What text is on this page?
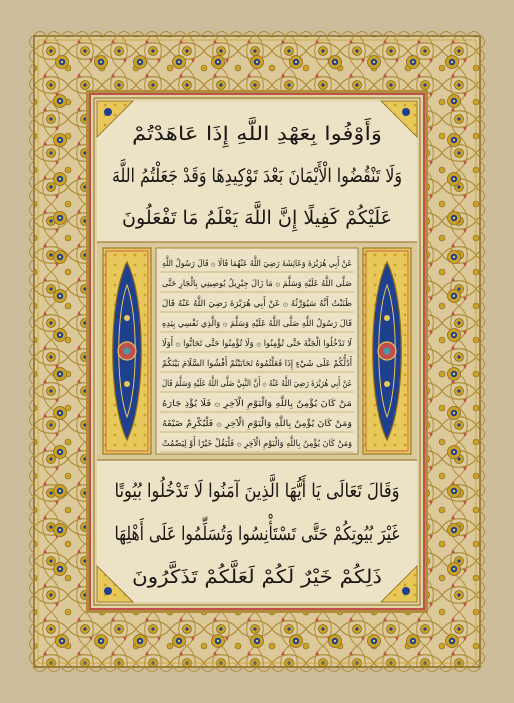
وَأَوْفُوا بِعَهْدِ اللَّهِ إِذَا عَاهَدْتُمْ
وَلَا تَنْقُضُوا الْأَيْمَانَ بَعْدَ تَوْكِيدِهَا وَقَدْ جَعَلْتُمُ اللَّهَ
عَلَيْكُمْ كَفِيلًا إِنَّ اللَّهَ يَعْلَمُ مَا تَفْعَلُونَ
عَنْ أَبِي هُرَيْرَةَ وَعَائِشَةَ رَضِيَ اللَّهُ عَنْهُمَا قَالَا ۞ قَالَ رَسُولُ اللَّهِ
صَلَّى اللَّهُ عَلَيْهِ وَسَلَّمَ ۞ مَا زَالَ جِبْرِيلُ يُوصِينِي بِالْجَارِ حَتَّى
ظَنَنْتُ أَنَّهُ سَيُوَرِّثُهُ ۞ عَنْ أَبِي هُرَيْرَةَ رَضِيَ اللَّهُ عَنْهُ قَالَ
قَالَ رَسُولُ اللَّهِ صَلَّى اللَّهُ عَلَيْهِ وَسَلَّمَ ۞ وَالَّذِي نَفْسِي بِيَدِهِ
لَا تَدْخُلُوا الْجَنَّةَ حَتَّى تُؤْمِنُوا ۞ وَلَا تُؤْمِنُوا حَتَّى تَحَابُّوا ۞ أَوَلَا
أَدُلُّكُمْ عَلَى شَيْءٍ إِذَا فَعَلْتُمُوهُ تَحَابَبْتُمْ أَفْشُوا السَّلَامَ بَيْنَكُمْ
عَنْ أَبِي هُرَيْرَةَ رَضِيَ اللَّهُ عَنْهُ ۞ أَنَّ النَّبِيَّ صَلَّى اللَّهُ عَلَيْهِ وَسَلَّمَ قَالَ
مَنْ كَانَ يُؤْمِنُ بِاللَّهِ وَالْيَوْمِ الْآخِرِ ۞ فَلَا يُؤْذِ جَارَهُ
وَمَنْ كَانَ يُؤْمِنُ بِاللَّهِ وَالْيَوْمِ الْآخِرِ ۞ فَلْيُكْرِمْ ضَيْفَهُ
وَمَنْ كَانَ يُؤْمِنُ بِاللَّهِ وَالْيَوْمِ الْآخِرِ ۞ فَلْيَقُلْ خَيْرًا أَوْ لِيَصْمُتْ
وَقَالَ تَعَالَى يَا أَيُّهَا الَّذِينَ آمَنُوا لَا تَدْخُلُوا بُيُوتًا
غَيْرَ بُيُوتِكُمْ حَتَّى تَسْتَأْنِسُوا وَتُسَلِّمُوا عَلَى أَهْلِهَا
ذَلِكُمْ خَيْرٌ لَكُمْ لَعَلَّكُمْ تَذَكَّرُونَ
